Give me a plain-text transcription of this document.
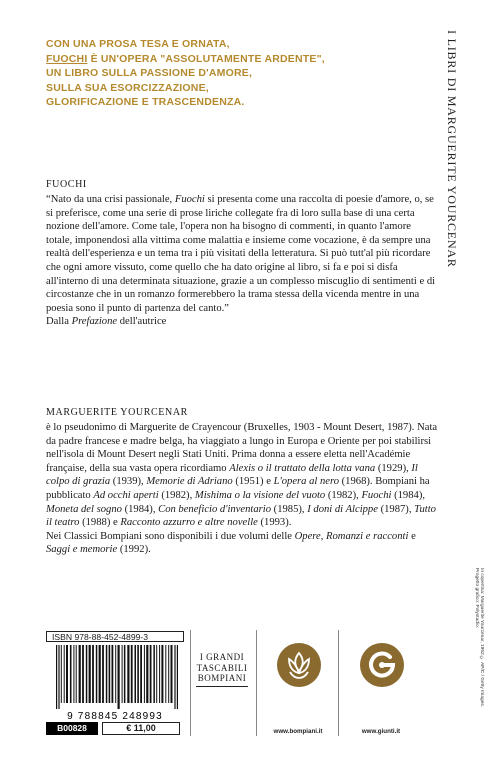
CON UNA PROSA TESA E ORNATA,
FUOCHI È UN'OPERA "ASSOLUTAMENTE ARDENTE",
UN LIBRO SULLA PASSIONE D'AMORE,
SULLA SUA ESORCIZZAZIONE,
GLORIFICAZIONE E TRASCENDENZA.	I LIBRI DI MARGUERITE YOURCENAR
FUOCHI

“Nato da una crisi passionale, Fuochi si presenta come una raccolta di poesie d'amore, o, se si preferisce, come una serie di prose liriche collegate fra di loro sulla base di una certa nozione dell'amore. Come tale, l'opera non ha bisogno di commenti, in quanto l'amore totale, imponendosi alla vittima come malattia e insieme come vocazione, è da sempre una realtà dell'esperienza e un tema tra i più visitati della letteratura. Si può tutt'al più ricordare che ogni amore vissuto, come quello che ha dato origine al libro, si fa e poi si disfa all'interno di una determinata situazione, grazie a un complesso miscuglio di sentimenti e di circostanze che in un romanzo formerebbero la trama stessa della vicenda mentre in una poesia sono il punto di partenza del canto.”

Dalla Prefazione dell'autrice

MARGUERITE YOURCENAR

è lo pseudonimo di Marguerite de Crayencour (Bruxelles, 1903 - Mount Desert, 1987). Nata da padre francese e madre belga, ha viaggiato a lungo in Europa e Oriente per poi stabilirsi nell'isola di Mount Desert negli Stati Uniti. Prima donna a essere eletta nell'Académie française, della sua vasta opera ricordiamo Alexis o il trattato della lotta vana (1929), Il colpo di grazia (1939), Memorie di Adriano (1951) e L'opera al nero (1968). Bompiani ha pubblicato Ad occhi aperti (1982), Mishima o la visione del vuoto (1982), Fuochi (1984), Moneta del sogno (1984), Con beneficio d'inventario (1985), I doni di Alcippe (1987), Tutto il teatro (1988) e Racconto azzurro e altre novelle (1993).

Nei Classici Bompiani sono disponibili i due volumi delle Opere, Romanzi e racconti e Saggi e memorie (1992).

ISBN 978-88-452-4899-3
9 788845 248993
B00828	€ 11,00
I GRANDI
TASCABILI
BOMPIANI
www.bompiani.it	www.giunti.it
In copertina: Marguerite Yourcenar, 1952 © AP/C / Getty Images.
Progetto grafico: Polystudio.
